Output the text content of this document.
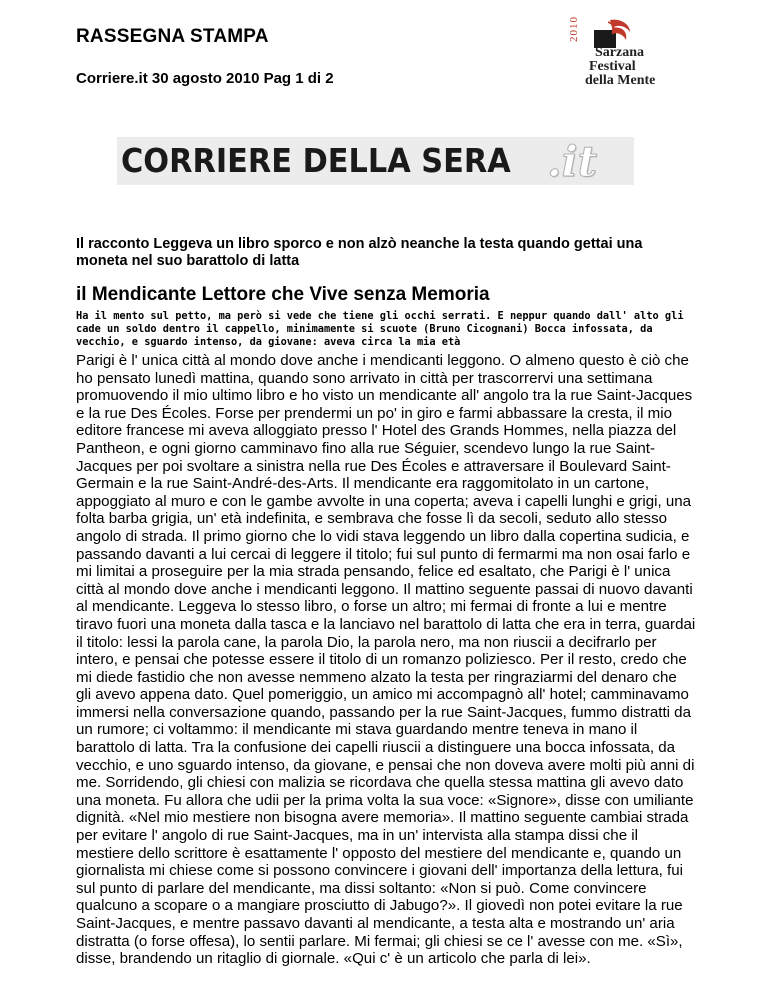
RASSEGNA STAMPA
Corriere.it 30 agosto 2010 Pag 1 di 2
2010
Sarzana
Festival
della Mente
CORRIERE DELLA SERA .it
Il racconto Leggeva un libro sporco e non alzò neanche la testa quando gettai una moneta nel suo barattolo di latta
il Mendicante Lettore che Vive senza Memoria
Ha il mento sul petto, ma però si vede che tiene gli occhi serrati. E neppur quando dall' alto gli cade un soldo dentro il cappello, minimamente si scuote (Bruno Cicognani) Bocca infossata, da vecchio, e sguardo intenso, da giovane: aveva circa la mia età
Parigi è l' unica città al mondo dove anche i mendicanti leggono. O almeno questo è ciò che ho pensato lunedì mattina, quando sono arrivato in città per trascorrervi una settimana promuovendo il mio ultimo libro e ho visto un mendicante all' angolo tra la rue Saint-Jacques e la rue Des Écoles. Forse per prendermi un po' in giro e farmi abbassare la cresta, il mio editore francese mi aveva alloggiato presso l' Hotel des Grands Hommes, nella piazza del Pantheon, e ogni giorno camminavo fino alla rue Séguier, scendevo lungo la rue Saint-Jacques per poi svoltare a sinistra nella rue Des Écoles e attraversare il Boulevard Saint-Germain e la rue Saint-André-des-Arts. Il mendicante era raggomitolato in un cartone, appoggiato al muro e con le gambe avvolte in una coperta; aveva i capelli lunghi e grigi, una folta barba grigia, un' età indefinita, e sembrava che fosse lì da secoli, seduto allo stesso angolo di strada. Il primo giorno che lo vidi stava leggendo un libro dalla copertina sudicia, e passando davanti a lui cercai di leggere il titolo; fui sul punto di fermarmi ma non osai farlo e mi limitai a proseguire per la mia strada pensando, felice ed esaltato, che Parigi è l' unica città al mondo dove anche i mendicanti leggono. Il mattino seguente passai di nuovo davanti al mendicante. Leggeva lo stesso libro, o forse un altro; mi fermai di fronte a lui e mentre tiravo fuori una moneta dalla tasca e la lanciavo nel barattolo di latta che era in terra, guardai il titolo: lessi la parola cane, la parola Dio, la parola nero, ma non riuscii a decifrarlo per intero, e pensai che potesse essere il titolo di un romanzo poliziesco. Per il resto, credo che mi diede fastidio che non avesse nemmeno alzato la testa per ringraziarmi del denaro che gli avevo appena dato. Quel pomeriggio, un amico mi accompagnò all' hotel; camminavamo immersi nella conversazione quando, passando per la rue Saint-Jacques, fummo distratti da un rumore; ci voltammo: il mendicante mi stava guardando mentre teneva in mano il barattolo di latta. Tra la confusione dei capelli riuscii a distinguere una bocca infossata, da vecchio, e uno sguardo intenso, da giovane, e pensai che non doveva avere molti più anni di me. Sorridendo, gli chiesi con malizia se ricordava che quella stessa mattina gli avevo dato una moneta. Fu allora che udii per la prima volta la sua voce: «Signore», disse con umiliante dignità. «Nel mio mestiere non bisogna avere memoria». Il mattino seguente cambiai strada per evitare l' angolo di rue Saint-Jacques, ma in un' intervista alla stampa dissi che il mestiere dello scrittore è esattamente l' opposto del mestiere del mendicante e, quando un giornalista mi chiese come si possono convincere i giovani dell' importanza della lettura, fui sul punto di parlare del mendicante, ma dissi soltanto: «Non si può. Come convincere qualcuno a scopare o a mangiare prosciutto di Jabugo?». Il giovedì non potei evitare la rue Saint-Jacques, e mentre passavo davanti al mendicante, a testa alta e mostrando un' aria distratta (o forse offesa), lo sentii parlare. Mi fermai; gli chiesi se ce l' avesse con me. «Sì», disse, brandendo un ritaglio di giornale. «Qui c' è un articolo che parla di lei».
